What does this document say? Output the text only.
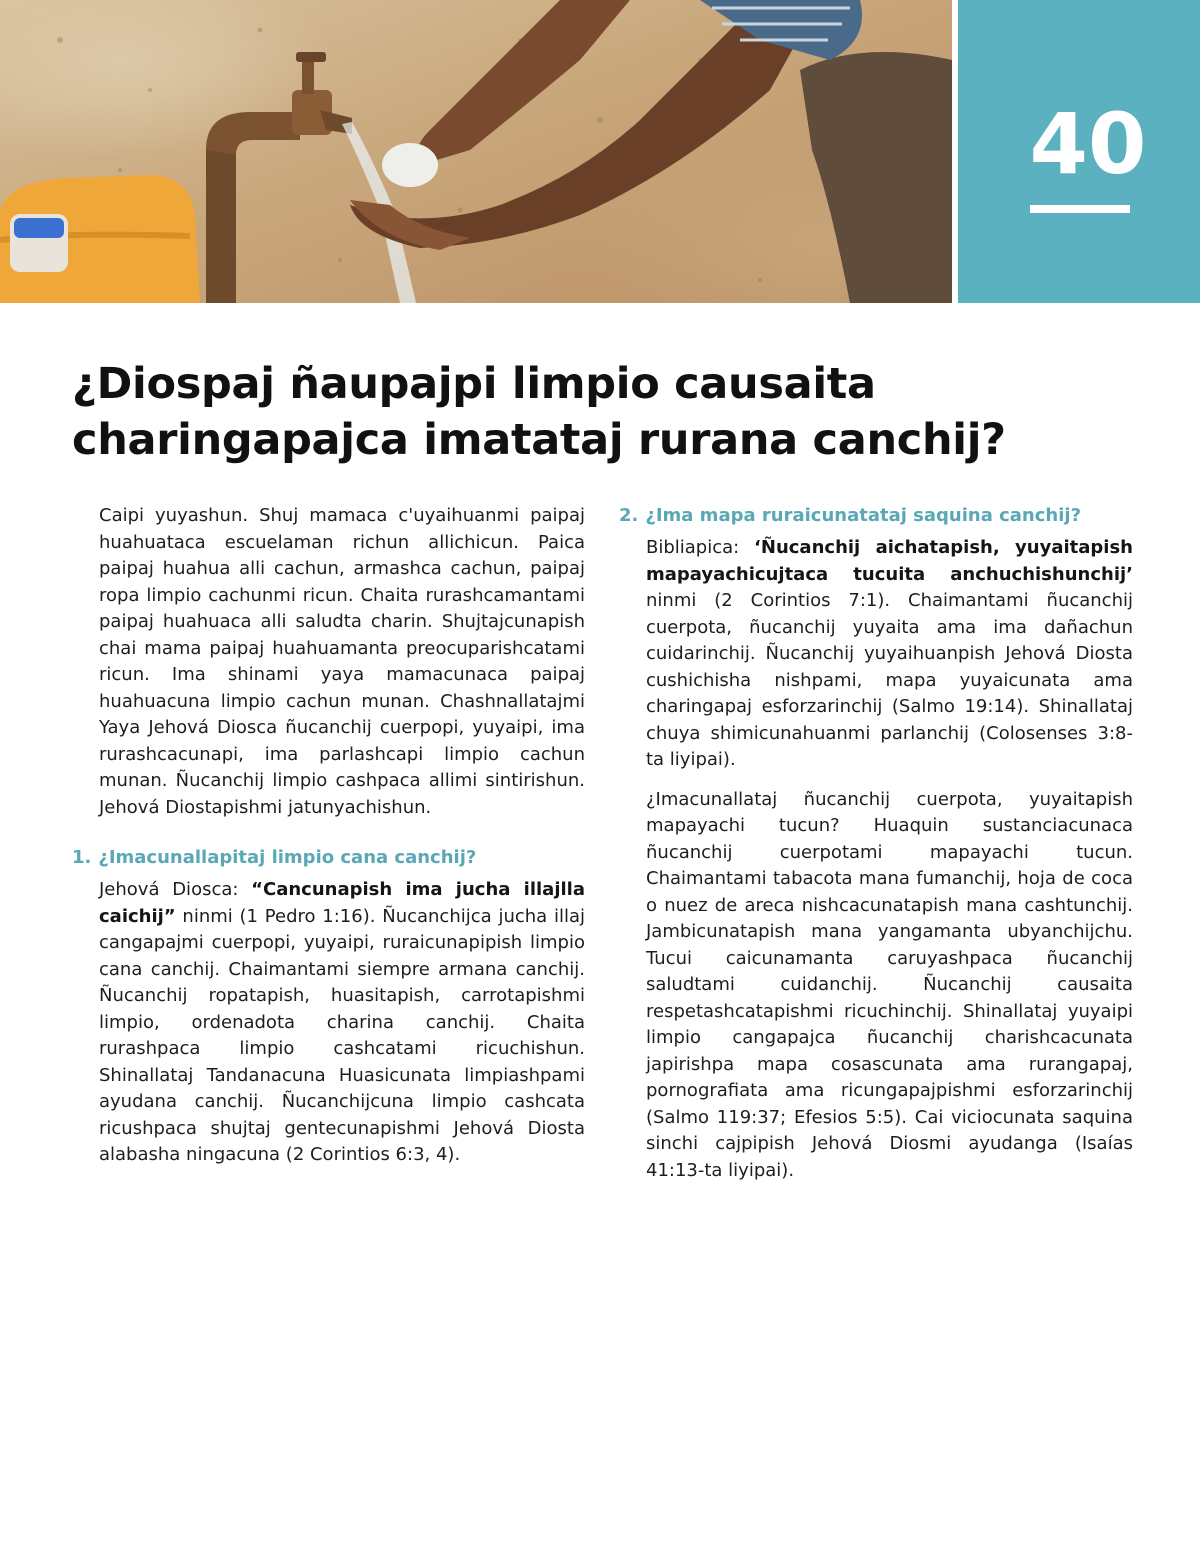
40
¿Diospaj ñaupajpi limpio causaita charingapajca imatataj rurana canchij?

Caipi yuyashun. Shuj mamaca c'uyaihuanmi paipaj huahuataca escuelaman richun allichicun. Paica paipaj huahua alli cachun, armashca cachun, paipaj ropa limpio cachunmi ricun. Chaita rurashcamantami paipaj huahuaca alli saludta charin. Shujtajcunapish chai mama paipaj huahuamanta preocuparishcatami ricun. Ima shinami yaya mamacunaca paipaj huahuacuna limpio cachun munan. Chashnallatajmi Yaya Jehová Diosca ñucanchij cuerpopi, yuyaipi, ima rurashcacunapi, ima parlashcapi limpio cachun munan. Ñucanchij limpio cashpaca allimi sintirishun. Jehová Diostapishmi jatunyachishun.

1. ¿Imacunallapitaj limpio cana canchij?

Jehová Diosca: “Cancunapish ima jucha illajlla caichij” ninmi (1 Pedro 1:16). Ñucanchijca jucha illaj cangapajmi cuerpopi, yuyaipi, ruraicunapipish limpio cana canchij. Chaimantami siempre armana canchij. Ñucanchij ropatapish, huasitapish, carrotapishmi limpio, ordenadota charina canchij. Chaita rurashpaca limpio cashcatami ricuchishun. Shinallataj Tandanacuna Huasicunata limpiashpami ayudana canchij. Ñucanchijcuna limpio cashcata ricushpaca shujtaj gentecunapishmi Jehová Diosta alabasha ningacuna (2 Corintios 6:3, 4).

2. ¿Ima mapa ruraicunatataj saquina canchij?

Bibliapica: ‘Ñucanchij aichatapish, yuyaitapish mapayachicujtaca tucuita anchuchishunchij’ ninmi (2 Corintios 7:1). Chaimantami ñucanchij cuerpota, ñucanchij yuyaita ama ima dañachun cuidarinchij. Ñucanchij yuyaihuanpish Jehová Diosta cushichisha nishpami, mapa yuyaicunata ama charingapaj esforzarinchij (Salmo 19:14). Shinallataj chuya shimicunahuanmi parlanchij (Colosenses 3:8-ta liyipai).

¿Imacunallataj ñucanchij cuerpota, yuyaitapish mapayachi tucun? Huaquin sustanciacunaca ñucanchij cuerpotami mapayachi tucun. Chaimantami tabacota mana fumanchij, hoja de coca o nuez de areca nishcacunatapish mana cashtunchij. Jambicunatapish mana yangamanta ubyanchijchu. Tucui caicunamanta caruyashpaca ñucanchij saludtami cuidanchij. Ñucanchij causaita respetashcatapishmi ricuchinchij. Shinallataj yuyaipi limpio cangapajca ñucanchij charishcacunata japirishpa mapa cosascunata ama rurangapaj, pornografiata ama ricungapajpishmi esforzarinchij (Salmo 119:37; Efesios 5:5). Cai viciocunata saquina sinchi cajpipish Jehová Diosmi ayudanga (Isaías 41:13-ta liyipai).
